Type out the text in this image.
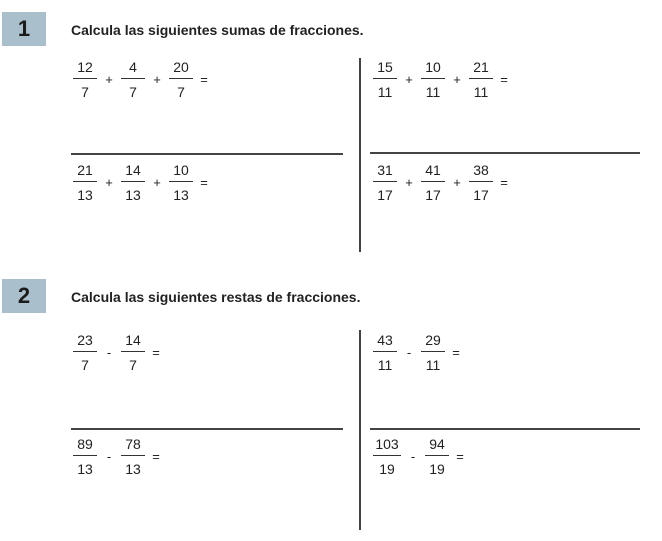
1	Calcula las siguientes sumas de fracciones.
$\frac{12}{7} + \frac{4}{7} + \frac{20}{7}$ =	$\frac{15}{11} + \frac{10}{11} + \frac{21}{11}$ =
$\frac{21}{13} + \frac{14}{13} + \frac{10}{13}$ =	$\frac{31}{17} + \frac{41}{17} + \frac{38}{17}$ =
2	Calcula las siguientes restas de fracciones.
$\frac{23}{7} - \frac{14}{7}$ =	$\frac{43}{11} - \frac{29}{11}$ =
$\frac{89}{13} - \frac{78}{13}$ =	$\frac{103}{19} - \frac{94}{19}$ =
